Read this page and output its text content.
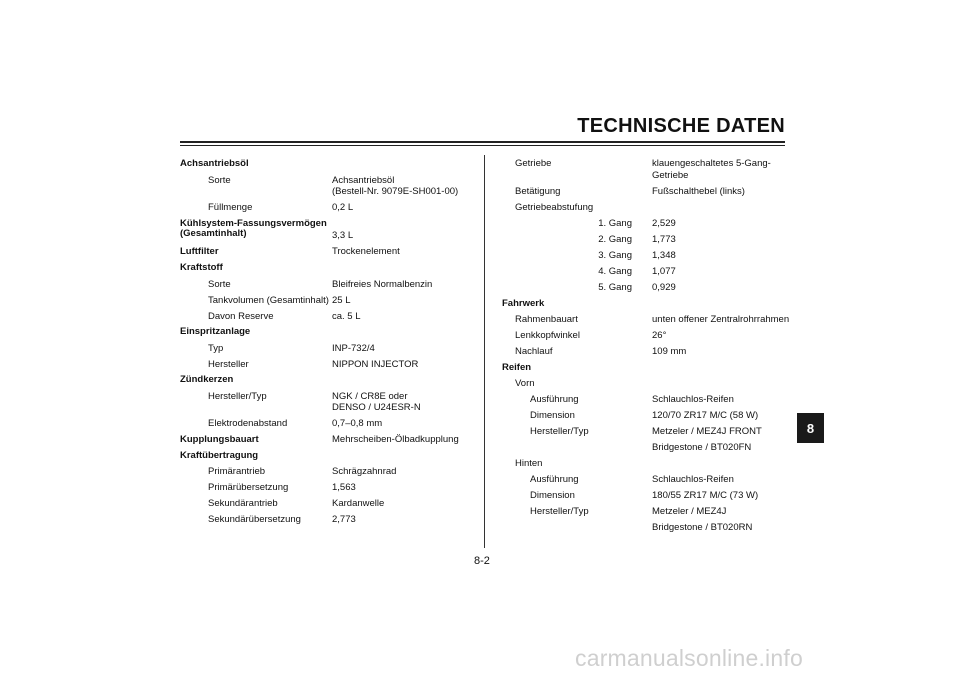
TECHNISCHE DATEN
8
8-2
Achsantriebsöl
Sorte	Achsantriebsöl
(Bestell-Nr. 9079E-SH001-00)
Füllmenge	0,2 L
Kühlsystem-Fassungsvermögen
(Gesamtinhalt)	3,3 L
Luftfilter	Trockenelement
Kraftstoff
Sorte	Bleifreies Normalbenzin
Tankvolumen (Gesamtinhalt) 25 L
Davon Reserve	ca. 5 L
Einspritzanlage
Typ	INP-732/4
Hersteller	NIPPON INJECTOR
Zündkerzen
Hersteller/Typ	NGK / CR8E oder
DENSO / U24ESR-N
Elektrodenabstand	0,7–0,8 mm
Kupplungsbauart	Mehrscheiben-Ölbadkupplung
Kraftübertragung
Primärantrieb	Schrägzahnrad
Primärübersetzung	1,563
Sekundärantrieb	Kardanwelle
Sekundärübersetzung	2,773
Getriebe	klauengeschaltetes 5-Gang-
Getriebe
Betätigung	Fußschalthebel (links)
Getriebeabstufung
1. Gang 2,529
2. Gang 1,773
3. Gang 1,348
4. Gang 1,077
5. Gang 0,929
Fahrwerk
Rahmenbauart	unten offener Zentralrohrrahmen
Lenkkopfwinkel	26°
Nachlauf	109 mm
Reifen
Vorn
Ausführung	Schlauchlos-Reifen
Dimension	120/70 ZR17 M/C (58 W)
Hersteller/Typ	Metzeler / MEZ4J FRONT
Bridgestone / BT020FN
Hinten
Ausführung	Schlauchlos-Reifen
Dimension	180/55 ZR17 M/C (73 W)
Hersteller/Typ	Metzeler / MEZ4J
Bridgestone / BT020RN
carmanualsonline.info
